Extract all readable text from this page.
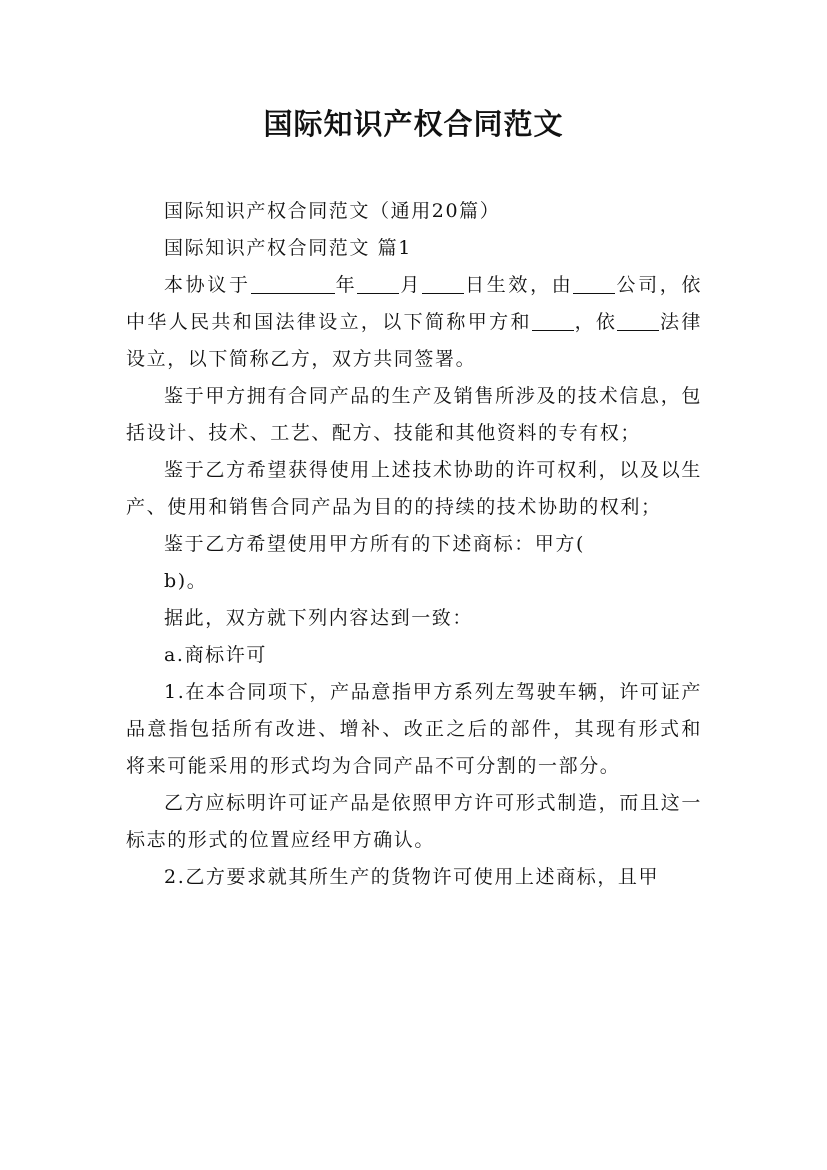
国际知识产权合同范文

国际知识产权合同范文（通用20篇）

国际知识产权合同范文 篇1

本协议于	年 月 日生效，由 公司，依中华人民共和国法律设立，以下简称甲方和 ，依 法律设立，以下简称乙方，双方共同签署。

鉴于甲方拥有合同产品的生产及销售所涉及的技术信息，包括设计、技术、工艺、配方、技能和其他资料的专有权；

鉴于乙方希望获得使用上述技术协助的许可权利，以及以生产、使用和销售合同产品为目的的持续的技术协助的权利；

鉴于乙方希望使用甲方所有的下述商标：甲方(

b)。

据此，双方就下列内容达到一致：

a.商标许可

1.在本合同项下，产品意指甲方系列左驾驶车辆，许可证产品意指包括所有改进、增补、改正之后的部件，其现有形式和将来可能采用的形式均为合同产品不可分割的一部分。

乙方应标明许可证产品是依照甲方许可形式制造，而且这一标志的形式的位置应经甲方确认。

2.乙方要求就其所生产的货物许可使用上述商标，且甲
